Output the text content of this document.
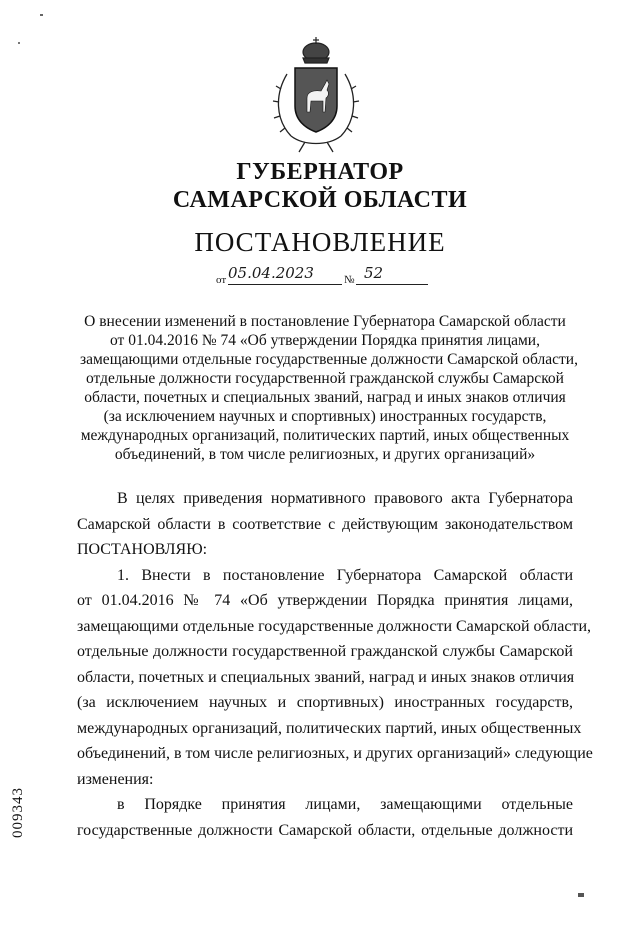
ГУБЕРНАТОР
САМАРСКОЙ ОБЛАСТИ
ПОСТАНОВЛЕНИЕ
от 05.04.2023	№ 52
О внесении изменений в постановление Губернатора Самарской области
от 01.04.2016 № 74 «Об утверждении Порядка принятия лицами,
замещающими отдельные государственные должности Самарской области,
отдельные должности государственной гражданской службы Самарской
области, почетных и специальных званий, наград и иных знаков отличия
(за исключением научных и спортивных) иностранных государств,
международных организаций, политических партий, иных общественных
объединений, в том числе религиозных, и других организаций»
В целях приведения нормативного правового акта Губернатора
Самарской области в соответствие с действующим законодательством
ПОСТАНОВЛЯЮ:
1. Внести в постановление Губернатора Самарской области
от 01.04.2016 № 74 «Об утверждении Порядка принятия лицами,
замещающими отдельные государственные должности Самарской области,
отдельные должности государственной гражданской службы Самарской
области, почетных и специальных званий, наград и иных знаков отличия
(за исключением научных и спортивных) иностранных государств,
международных организаций, политических партий, иных общественных
объединений, в том числе религиозных, и других организаций» следующие
изменения:
в Порядке принятия лицами, замещающими отдельные
государственные должности Самарской области, отдельные должности
009343
